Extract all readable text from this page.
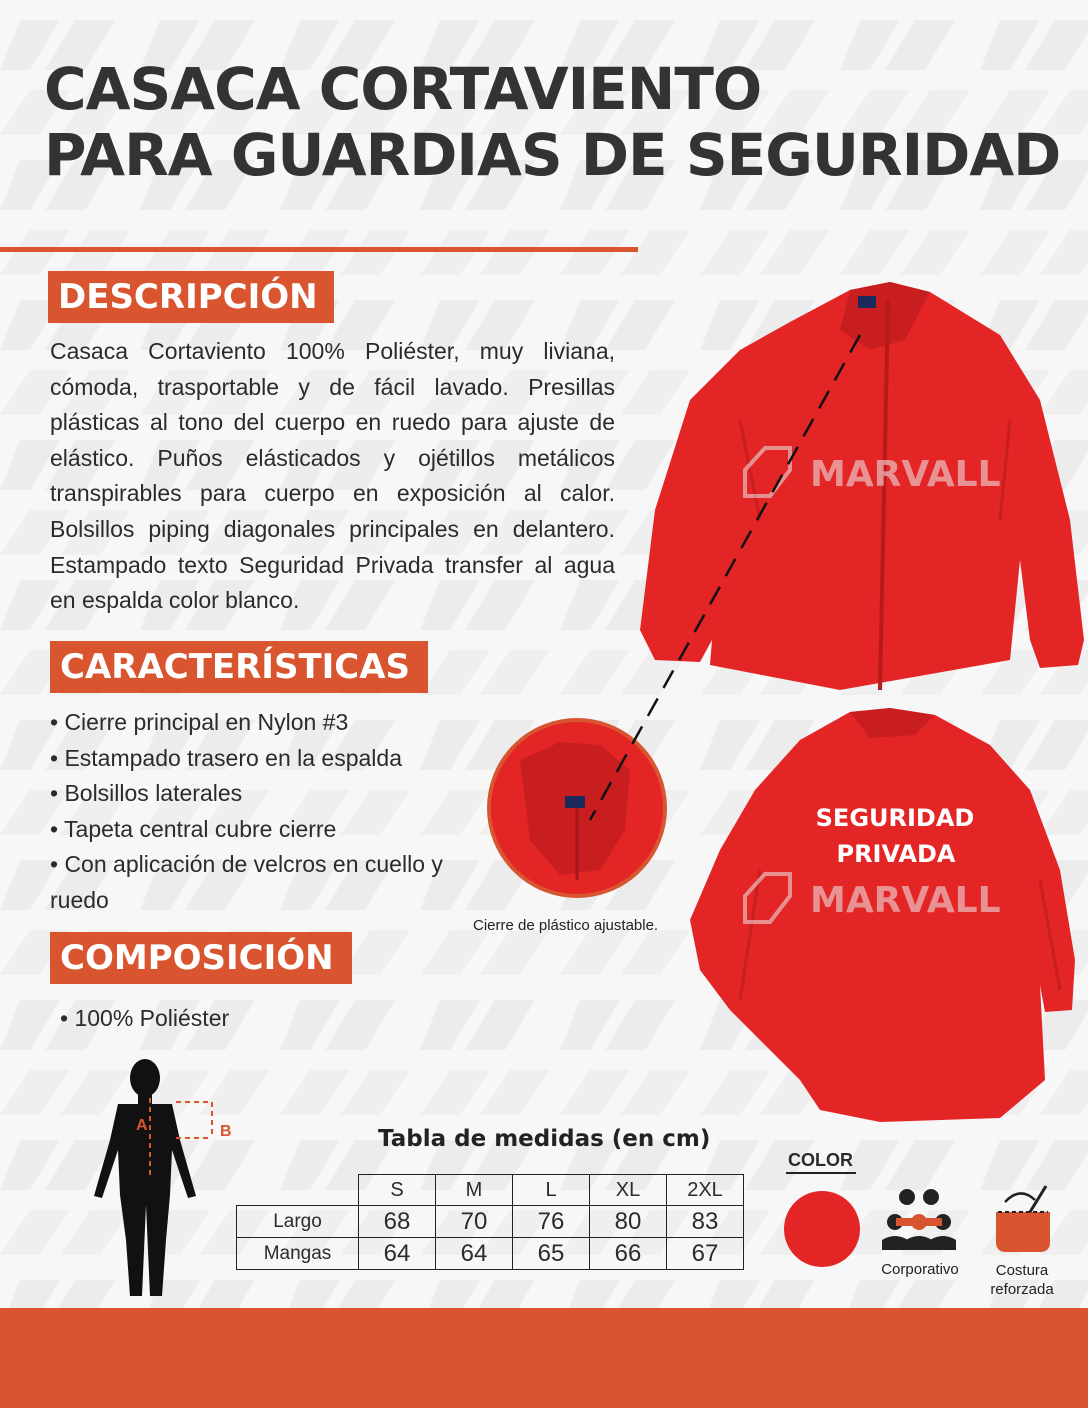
CASACA CORTAVIENTO
PARA GUARDIAS DE SEGURIDAD
DESCRIPCIÓN

Casaca Cortaviento 100% Poliéster, muy liviana, cómoda, trasportable y de fácil lavado. Presillas plásticas al tono del cuerpo en ruedo para ajuste de elástico. Puños elásticados y ojétillos metálicos transpirables para cuerpo en exposición al calor. Bolsillos piping diagonales principales en delantero. Estampado texto Seguridad Privada transfer al agua en espalda color blanco.

CARACTERÍSTICAS
• Cierre principal en Nylon #3
• Estampado trasero en la espalda
• Bolsillos laterales
• Tapeta central cubre cierre
• Con aplicación de velcros en cuello y ruedo
COMPOSICIÓN
• 100% Poliéster
SEGURIDAD
PRIVADA
MARVALL
MARVALL
A	B
Cierre de plástico ajustable.
Tabla de medidas (en cm)
	S	M	L	XL	2XL
Largo	68	70	76	80	83
Mangas	64	64	65	66	67
COLOR
Corporativo	Costura
reforzada
